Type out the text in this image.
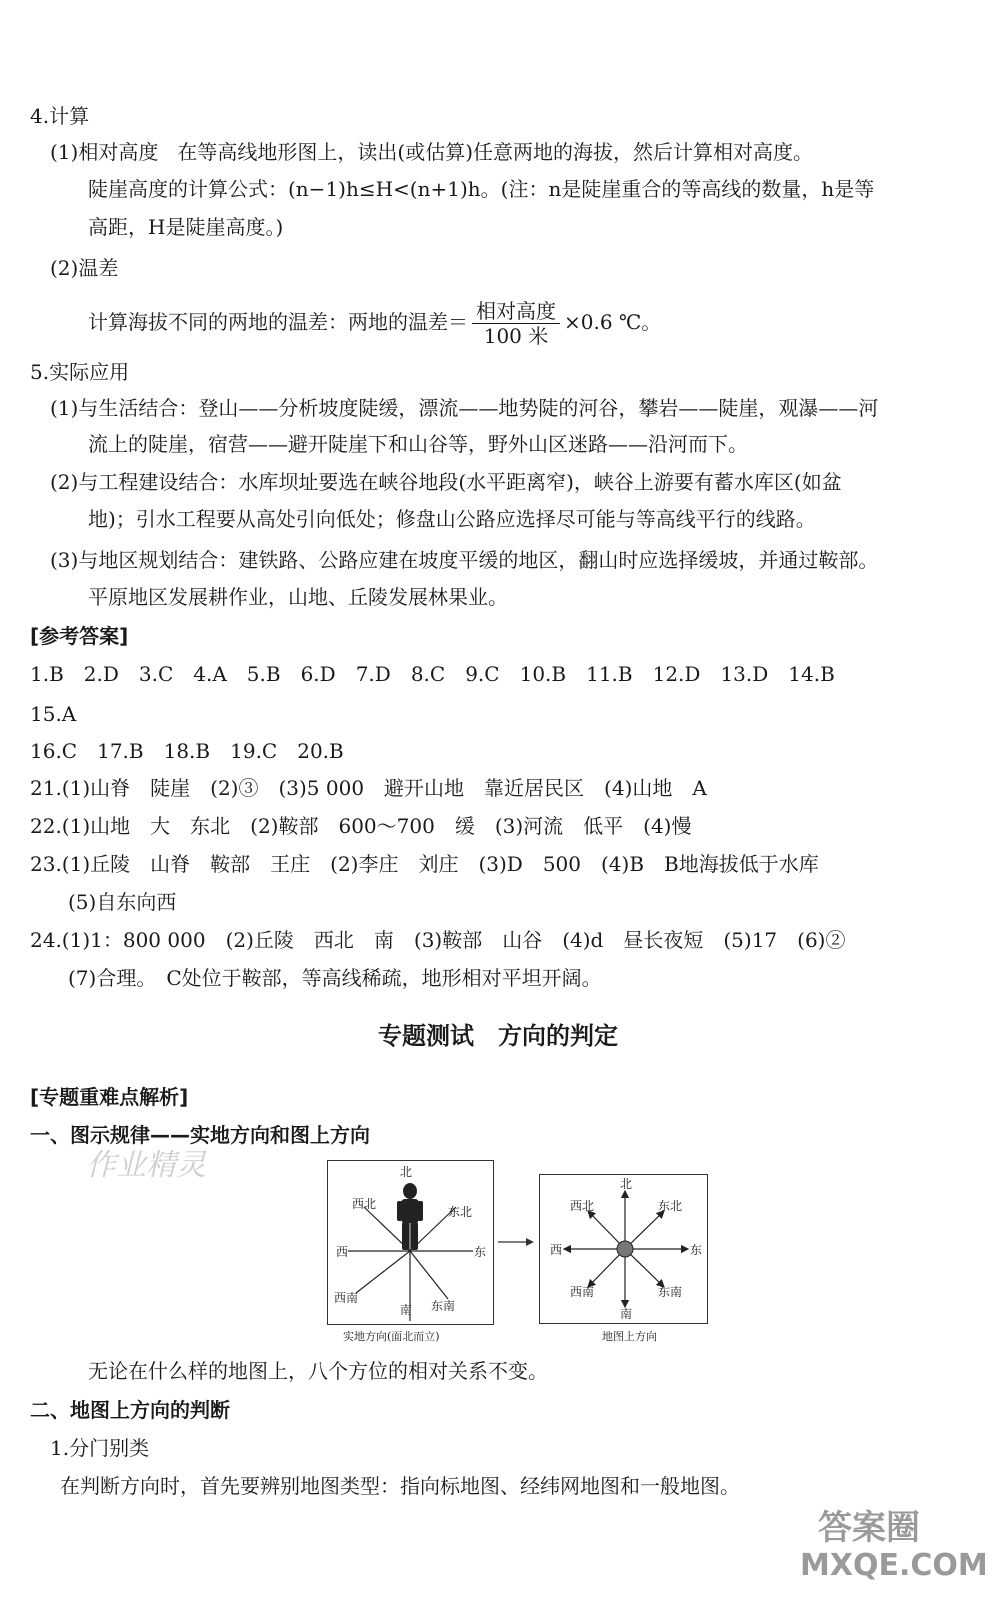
4.计算
(1)相对高度 在等高线地形图上，读出(或估算)任意两地的海拔，然后计算相对高度。
陡崖高度的计算公式：(n−1)h≤H<(n+1)h。(注：n是陡崖重合的等高线的数量，h是等
高距，H是陡崖高度。)
(2)温差
计算海拔不同的两地的温差：两地的温差＝ $\frac{\text{相对高度}}{\text{100 米}} \times 0.6$ ℃。
5.实际应用
(1)与生活结合：登山——分析坡度陡缓，漂流——地势陡的河谷，攀岩——陡崖，观瀑——河
流上的陡崖，宿营——避开陡崖下和山谷等，野外山区迷路——沿河而下。
(2)与工程建设结合：水库坝址要选在峡谷地段(水平距离窄)，峡谷上游要有蓄水库区(如盆
地)；引水工程要从高处引向低处；修盘山公路应选择尽可能与等高线平行的线路。
(3)与地区规划结合：建铁路、公路应建在坡度平缓的地区，翻山时应选择缓坡，并通过鞍部。
平原地区发展耕作业，山地、丘陵发展林果业。
[参考答案]
1.B　2.D　3.C　4.A　5.B　6.D　7.D　8.C　9.C　10.B　11.B　12.D　13.D　14.B
15.A
16.C　17.B　18.B　19.C　20.B
21.(1)山脊　陡崖　(2)③　(3)5 000　避开山地　靠近居民区　(4)山地　A
22.(1)山地　大　东北　(2)鞍部　600～700　缓　(3)河流　低平　(4)慢
23.(1)丘陵　山脊　鞍部　王庄　(2)李庄　刘庄　(3)D　500　(4)B　B地海拔低于水库
(5)自东向西
24.(1)1：800 000　(2)丘陵　西北　南　(3)鞍部　山谷　(4)d　昼长夜短　(5)17　(6)②
(7)合理。　C处位于鞍部，等高线稀疏，地形相对平坦开阔。
专题测试　方向的判定
[专题重难点解析]
一、图示规律——实地方向和图上方向
作业精灵	北
西北
东北
西	东
西南
南 东南
实地方向(面北而立)
北
西北	东北
西	东
西南
南
东南
地图上方向
无论在什么样的地图上，八个方位的相对关系不变。
二、地图上方向的判断
1.分门别类
在判断方向时，首先要辨别地图类型：指向标地图、经纬网地图和一般地图。
答案圈
MXQE.COM
